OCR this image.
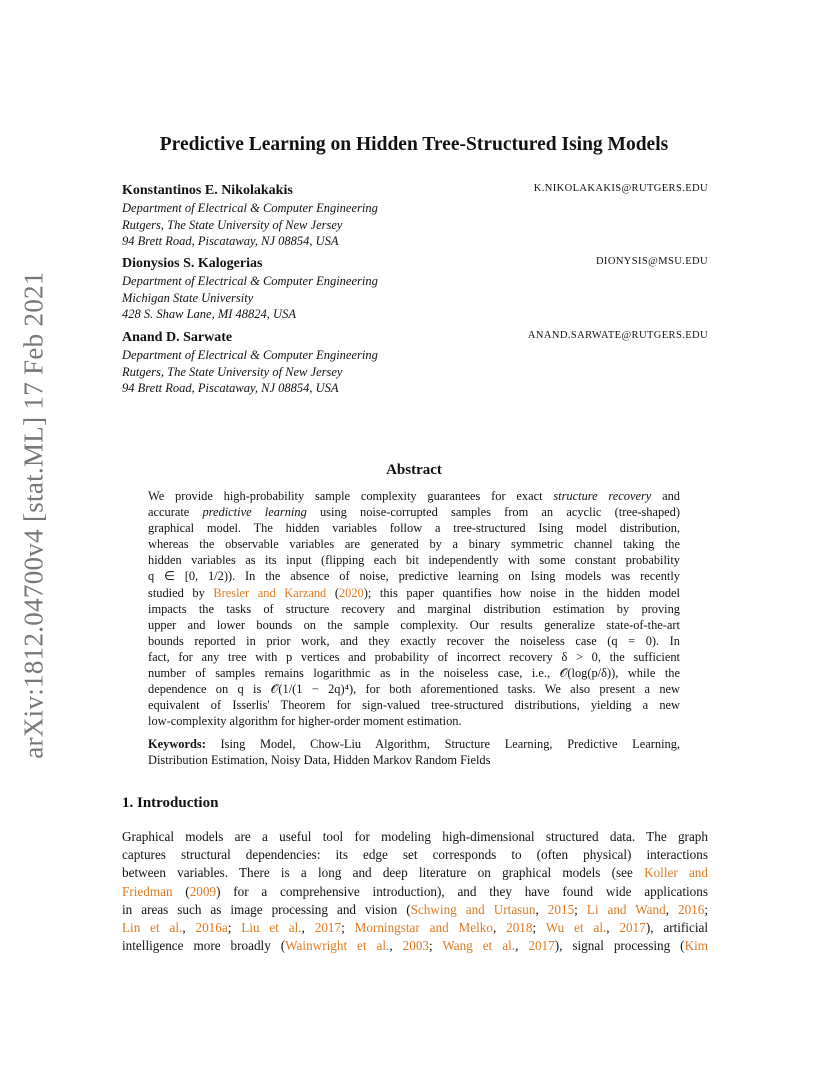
arXiv:1812.04700v4 [stat.ML] 17 Feb 2021
Predictive Learning on Hidden Tree-Structured Ising Models
Konstantinos E. Nikolakakis	K.NIKOLAKAKIS@RUTGERS.EDU
Department of Electrical & Computer Engineering
Rutgers, The State University of New Jersey
94 Brett Road, Piscataway, NJ 08854, USA
Dionysios S. Kalogerias	DIONYSIS@MSU.EDU
Department of Electrical & Computer Engineering
Michigan State University
428 S. Shaw Lane, MI 48824, USA
Anand D. Sarwate	ANAND.SARWATE@RUTGERS.EDU
Department of Electrical & Computer Engineering
Rutgers, The State University of New Jersey
94 Brett Road, Piscataway, NJ 08854, USA
Abstract
We provide high-probability sample complexity guarantees for exact structure recovery and
accurate predictive learning using noise-corrupted samples from an acyclic (tree-shaped)
graphical model. The hidden variables follow a tree-structured Ising model distribution,
whereas the observable variables are generated by a binary symmetric channel taking the
hidden variables as its input (flipping each bit independently with some constant probability
q ∈ [0, 1/2)). In the absence of noise, predictive learning on Ising models was recently
studied by Bresler and Karzand (2020); this paper quantifies how noise in the hidden model
impacts the tasks of structure recovery and marginal distribution estimation by proving
upper and lower bounds on the sample complexity. Our results generalize state-of-the-art
bounds reported in prior work, and they exactly recover the noiseless case (q = 0). In
fact, for any tree with p vertices and probability of incorrect recovery δ > 0, the sufficient
number of samples remains logarithmic as in the noiseless case, i.e., 𝒪(log(p/δ)), while the
dependence on q is 𝒪(1/(1 − 2q)⁴), for both aforementioned tasks. We also present a new
equivalent of Isserlis' Theorem for sign-valued tree-structured distributions, yielding a new
low-complexity algorithm for higher-order moment estimation.
Keywords: Ising Model, Chow-Liu Algorithm, Structure Learning, Predictive Learning,
Distribution Estimation, Noisy Data, Hidden Markov Random Fields
1. Introduction
Graphical models are a useful tool for modeling high-dimensional structured data. The graph
captures structural dependencies: its edge set corresponds to (often physical) interactions
between variables. There is a long and deep literature on graphical models (see Koller and
Friedman (2009) for a comprehensive introduction), and they have found wide applications
in areas such as image processing and vision (Schwing and Urtasun, 2015; Li and Wand, 2016;
Lin et al., 2016a; Liu et al., 2017; Morningstar and Melko, 2018; Wu et al., 2017), artificial
intelligence more broadly (Wainwright et al., 2003; Wang et al., 2017), signal processing (Kim
